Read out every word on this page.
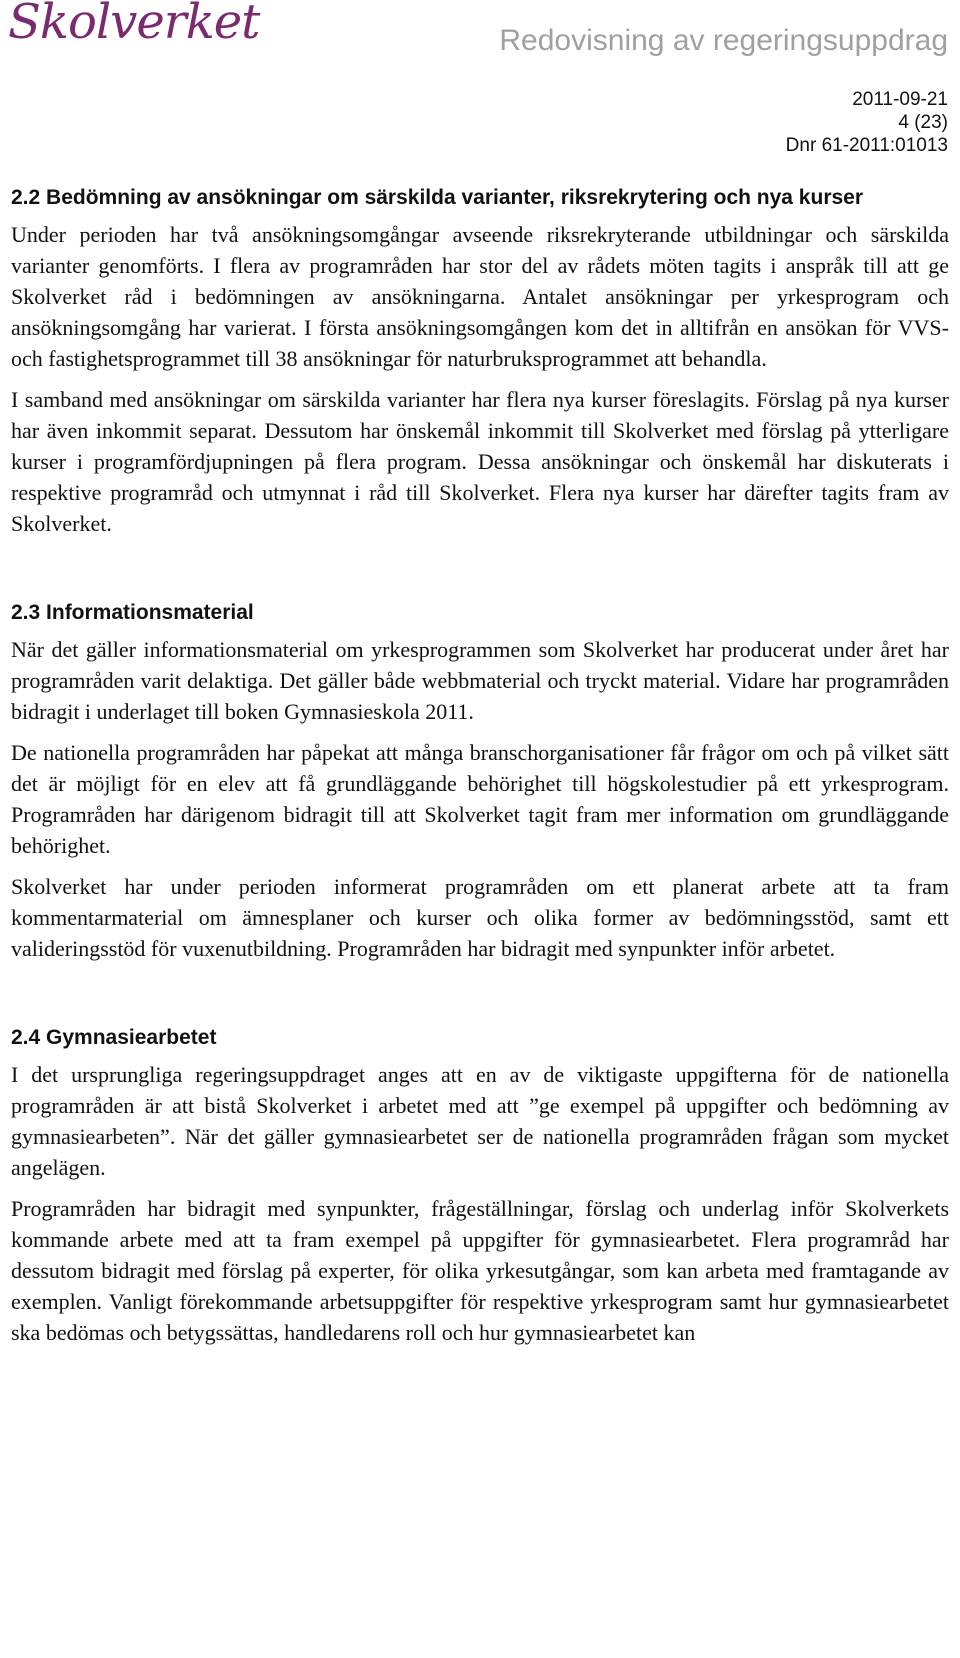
Skolverket	Redovisning av regeringsuppdrag
2011-09-21
4 (23)
Dnr 61-2011:01013
2.2 Bedömning av ansökningar om särskilda varianter, riksrekrytering och nya kurser

Under perioden har två ansökningsomgångar avseende riksrekryterande utbildningar och särskilda varianter genomförts. I flera av programråden har stor del av rådets möten tagits i anspråk till att ge Skolverket råd i bedömningen av ansökningarna. Antalet ansökningar per yrkesprogram och ansökningsomgång har varierat. I första ansökningsomgången kom det in alltifrån en ansökan för VVS- och fastighetsprogrammet till 38 ansökningar för naturbruksprogrammet att behandla.

I samband med ansökningar om särskilda varianter har flera nya kurser föreslagits. Förslag på nya kurser har även inkommit separat. Dessutom har önskemål inkommit till Skolverket med förslag på ytterligare kurser i programfördjupningen på flera program. Dessa ansökningar och önskemål har diskuterats i respektive programråd och utmynnat i råd till Skolverket. Flera nya kurser har därefter tagits fram av Skolverket.

2.3 Informationsmaterial

När det gäller informationsmaterial om yrkesprogrammen som Skolverket har producerat under året har programråden varit delaktiga. Det gäller både webbmaterial och tryckt material. Vidare har programråden bidragit i underlaget till boken Gymnasieskola 2011.

De nationella programråden har påpekat att många branschorganisationer får frågor om och på vilket sätt det är möjligt för en elev att få grundläggande behörighet till högskolestudier på ett yrkesprogram. Programråden har därigenom bidragit till att Skolverket tagit fram mer information om grundläggande behörighet.

Skolverket har under perioden informerat programråden om ett planerat arbete att ta fram kommentarmaterial om ämnesplaner och kurser och olika former av bedömningsstöd, samt ett valideringsstöd för vuxenutbildning. Programråden har bidragit med synpunkter inför arbetet.

2.4 Gymnasiearbetet

I det ursprungliga regeringsuppdraget anges att en av de viktigaste uppgifterna för de nationella programråden är att bistå Skolverket i arbetet med att ”ge exempel på uppgifter och bedömning av gymnasiearbeten”. När det gäller gymnasiearbetet ser de nationella programråden frågan som mycket angelägen.

Programråden har bidragit med synpunkter, frågeställningar, förslag och underlag inför Skolverkets kommande arbete med att ta fram exempel på uppgifter för gymnasiearbetet. Flera programråd har dessutom bidragit med förslag på experter, för olika yrkesutgångar, som kan arbeta med framtagande av exemplen. Vanligt förekommande arbetsuppgifter för respektive yrkesprogram samt hur gymnasiearbetet ska bedömas och betygssättas, handledarens roll och hur gymnasiearbetet kan
